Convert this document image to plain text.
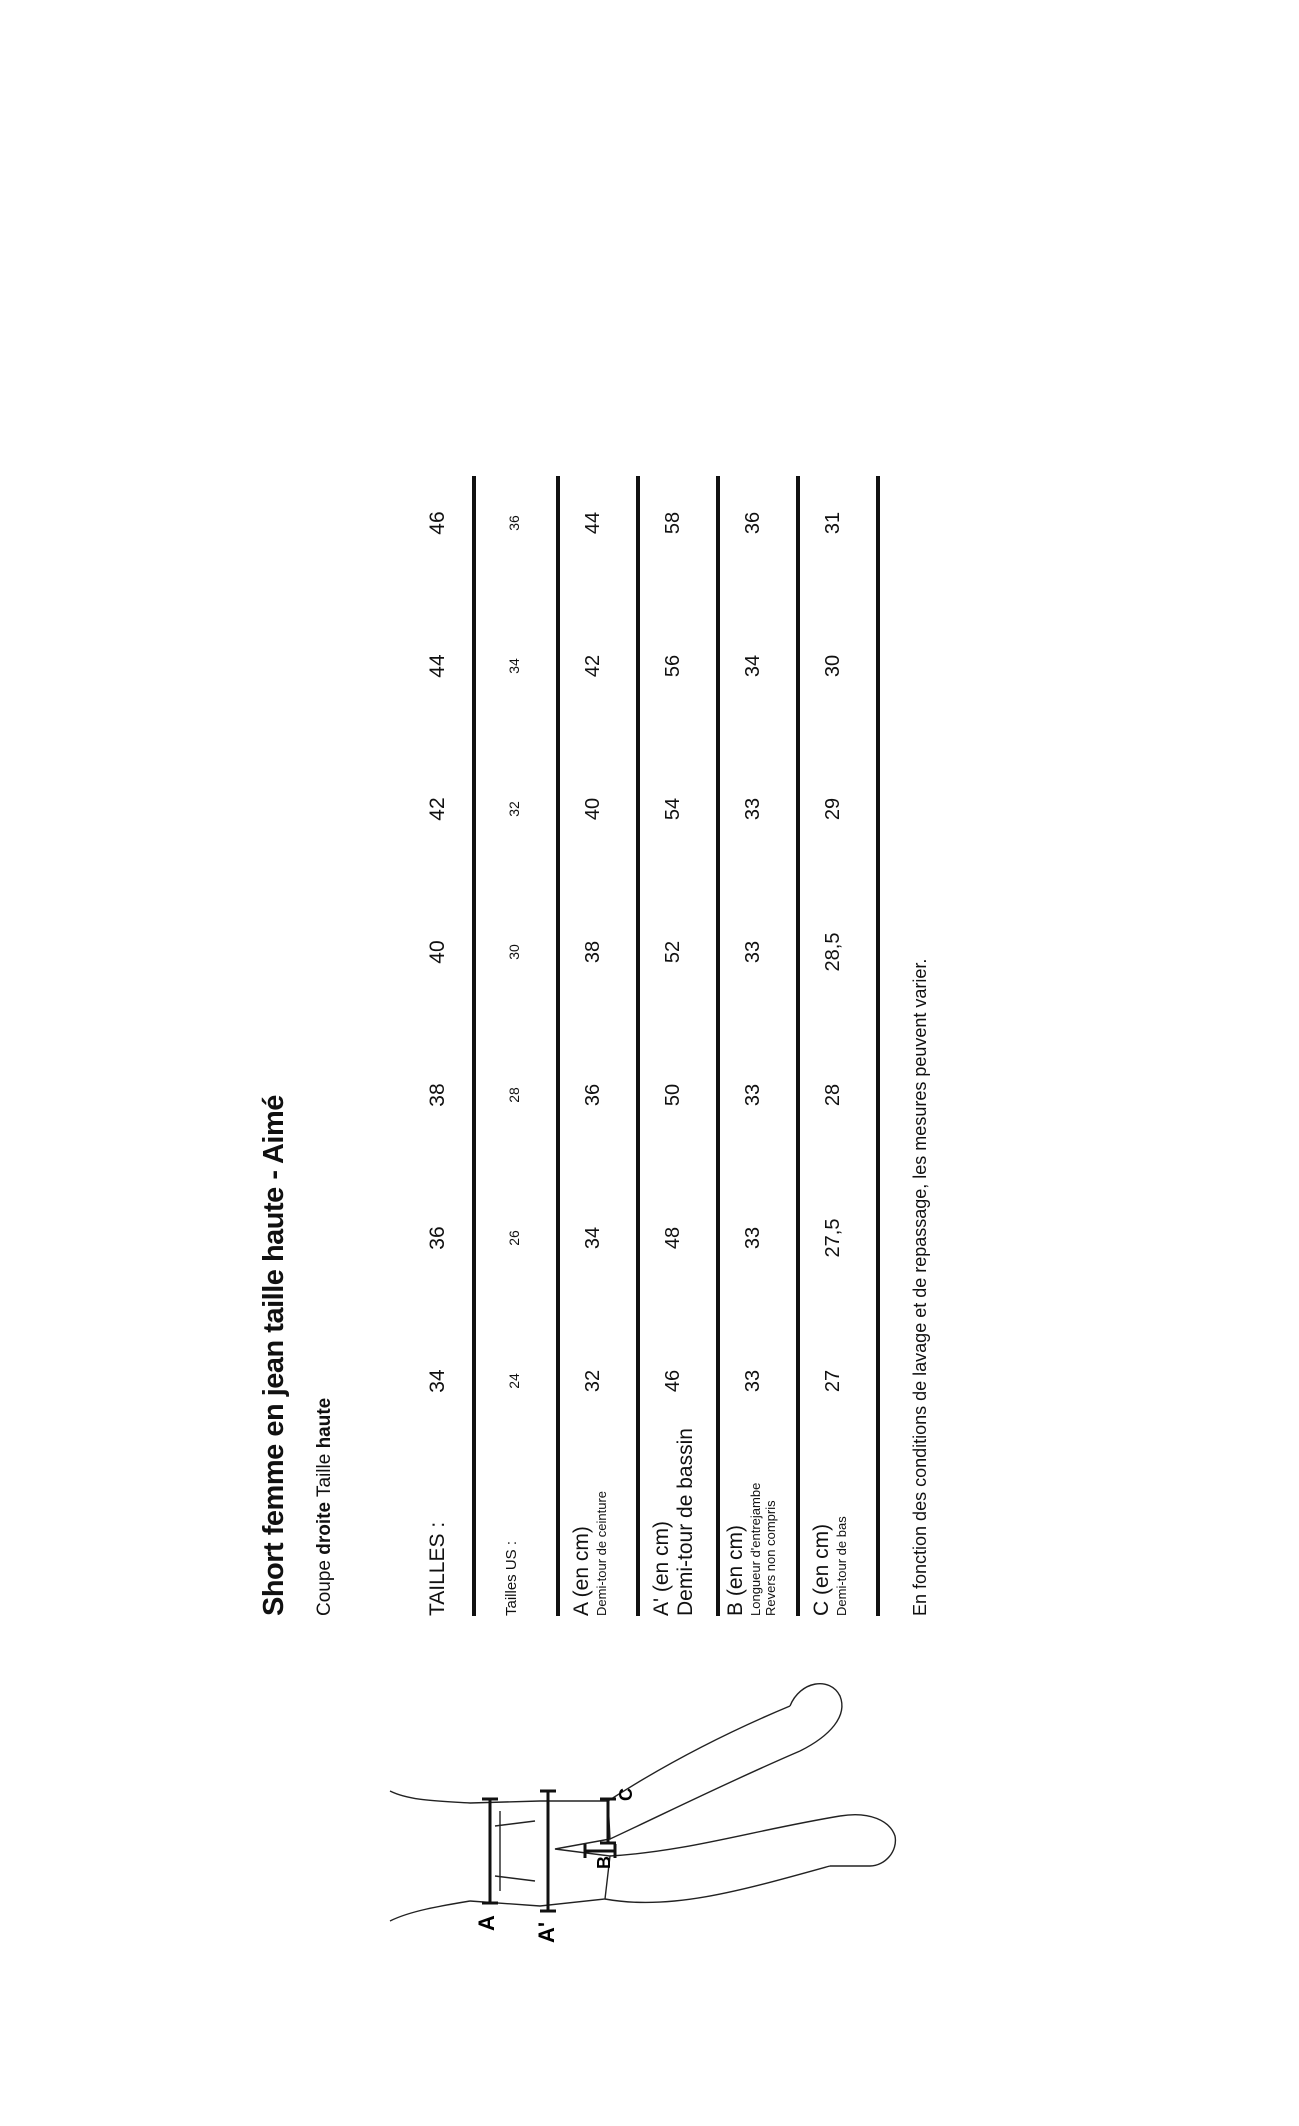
A A'
B
C
Short femme en jean taille haute - Aimé Coupe droite Taille haute
TAILLES :
34
36
38
40
42
44
46
Tailles US :
24
26
28
30
32
34
36
A (en cm) Demi-tour de ceinture
32
34
36
38
40
42
44
A' (en cm) Demi-tour de bassin
46
48
50
52
54
56
58
B (en cm) Longueur d'entrejambe Revers non compris
33
33
33
33
33
34
36
C (en cm) Demi-tour de bas
27
27,5
28
28,5
29
30
31
En fonction des conditions de lavage et de repassage, les mesures peuvent varier.
